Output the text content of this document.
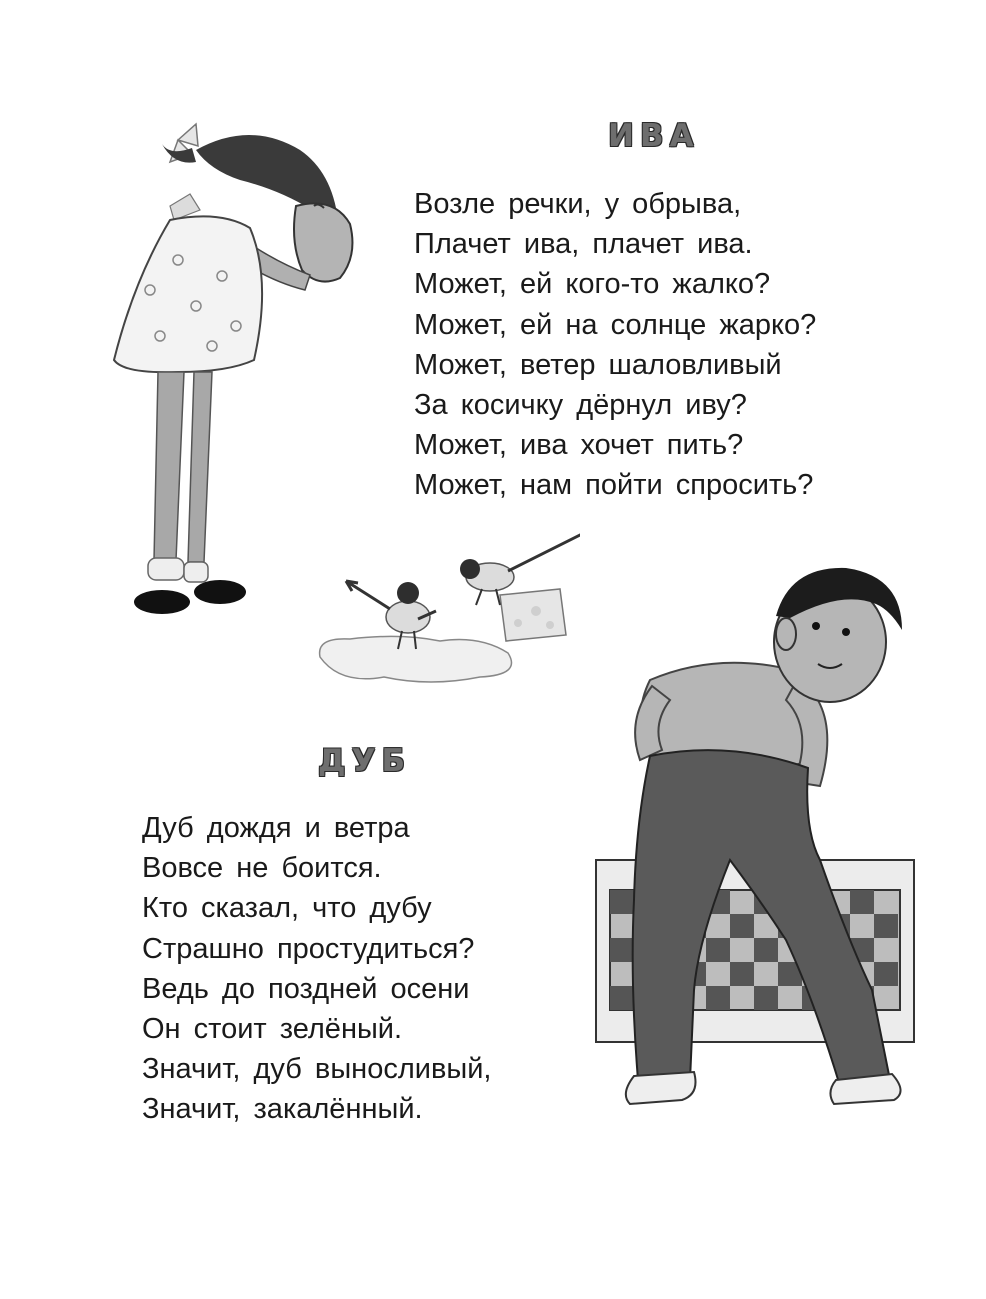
ИВА
Возле речки, у обрыва,
Плачет ива, плачет ива.
Может, ей кого-то жалко?
Может, ей на солнце жарко?
Может, ветер шаловливый
За косичку дёрнул иву?
Может, ива хочет пить?
Может, нам пойти спросить?
ДУБ
Дуб дождя и ветра
Вовсе не боится.
Кто сказал, что дубу
Страшно простудиться?
Ведь до поздней осени
Он стоит зелёный.
Значит, дуб выносливый,
Значит, закалённый.
